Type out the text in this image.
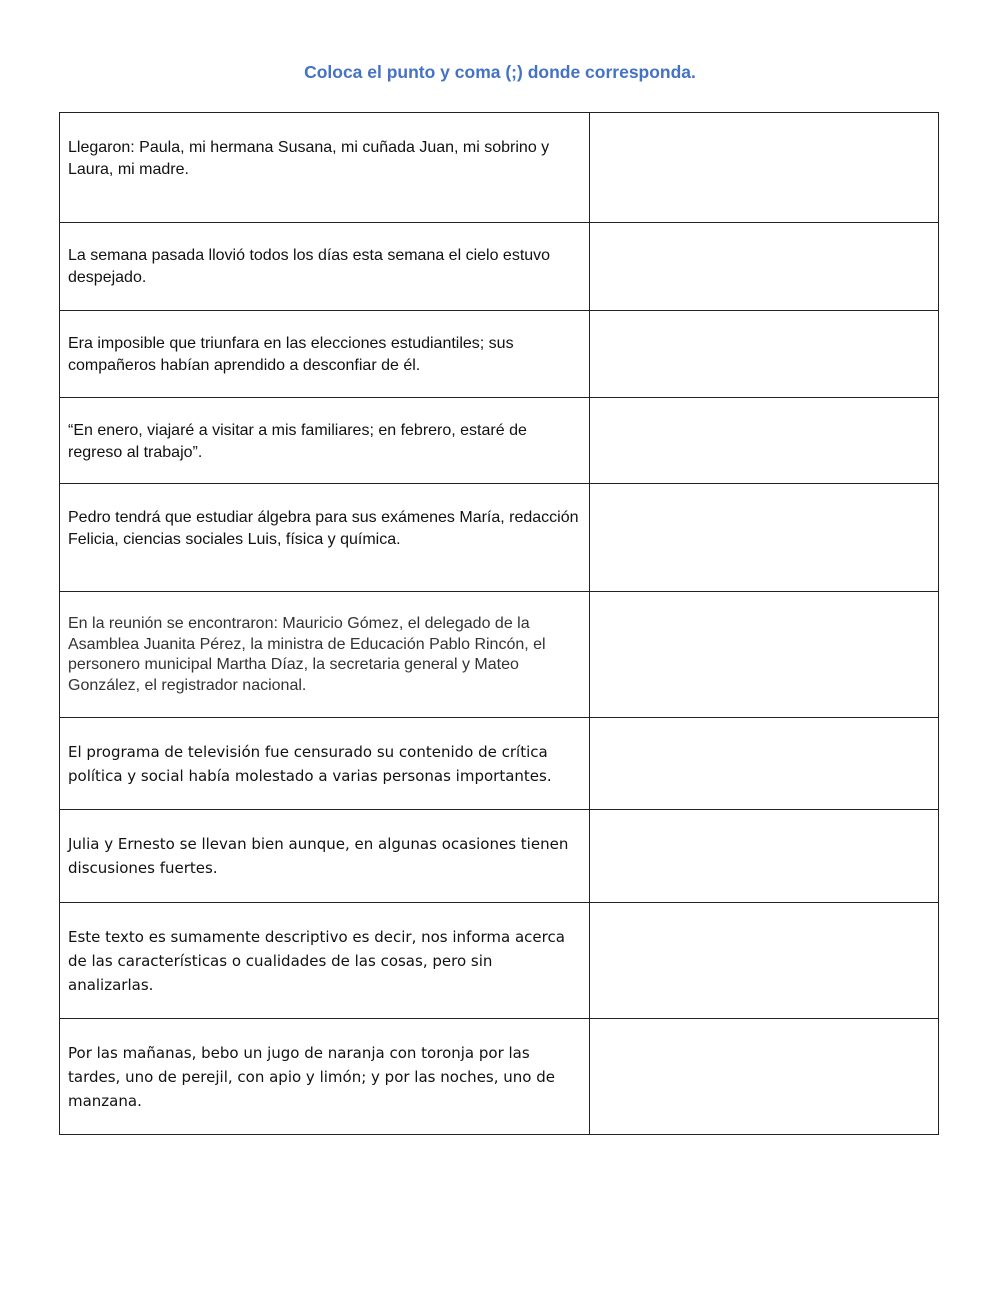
Coloca el punto y coma (;) donde corresponda.
Llegaron: Paula, mi hermana Susana, mi cuñada Juan, mi sobrino y Laura, mi madre.

La semana pasada llovió todos los días esta semana el cielo estuvo despejado.

Era imposible que triunfara en las elecciones estudiantiles; sus compañeros habían aprendido a desconfiar de él.

“En enero, viajaré a visitar a mis familiares; en febrero, estaré de regreso al trabajo”.

Pedro tendrá que estudiar álgebra para sus exámenes María, redacción Felicia, ciencias sociales Luis, física y química.

En la reunión se encontraron: Mauricio Gómez, el delegado de la Asamblea Juanita Pérez, la ministra de Educación Pablo Rincón, el personero municipal Martha Díaz, la secretaria general y Mateo González, el registrador nacional.

El programa de televisión fue censurado su contenido de crítica política y social había molestado a varias personas importantes.

Julia y Ernesto se llevan bien aunque, en algunas ocasiones tienen discusiones fuertes.

Este texto es sumamente descriptivo es decir, nos informa acerca de las características o cualidades de las cosas, pero sin analizarlas.

Por las mañanas, bebo un jugo de naranja con toronja por las tardes, uno de perejil, con apio y limón; y por las noches, uno de manzana.
